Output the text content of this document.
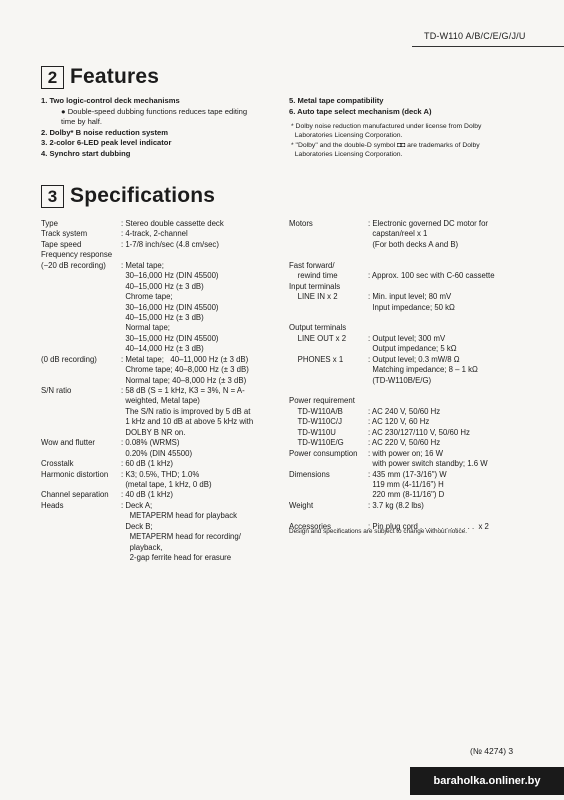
TD-W110 A/B/C/E/G/J/U
2 Features
1. Two logic-control deck mechanisms
● Double-speed dubbing functions reduces tape editing
time by half.
2. Dolby* B noise reduction system
3. 2-color 6-LED peak level indicator
4. Synchro start dubbing
5. Metal tape compatibility
6. Auto tape select mechanism (deck A)
* Dolby noise reduction manufactured under license from Dolby
Laboratories Licensing Corporation.
* "Dolby" and the double-D symbol ◘◘ are trademarks of Dolby
Laboratories Licensing Corporation.
3 Specifications
Type	: Stereo double cassette deck
Track system	: 4-track, 2-channel
Tape speed	: 1-7/8 inch/sec (4.8 cm/sec)
Frequency response
(−20 dB recording) : Metal tape;
30–16,000 Hz (DIN 45500)
40–15,000 Hz (± 3 dB)
Chrome tape;
30–16,000 Hz (DIN 45500)
40–15,000 Hz (± 3 dB)
Normal tape;
30–15,000 Hz (DIN 45500)
40–14,000 Hz (± 3 dB)
(0 dB recording)	: Metal tape;   40–11,000 Hz (± 3 dB)
Chrome tape; 40–8,000 Hz (± 3 dB)
Normal tape; 40–8,000 Hz (± 3 dB)
S/N ratio	: 58 dB (S = 1 kHz, K3 = 3%, N = A-
weighted, Metal tape)
The S/N ratio is improved by 5 dB at
1 kHz and 10 dB at above 5 kHz with
DOLBY B NR on.
Wow and flutter	: 0.08% (WRMS)
0.20% (DIN 45500)
Crosstalk	: 60 dB (1 kHz)
Harmonic distortion : K3; 0.5%, THD; 1.0%
(metal tape, 1 kHz, 0 dB)
Channel separation : 40 dB (1 kHz)
Heads	: Deck A;
METAPERM head for playback
Deck B;
METAPERM head for recording/
playback,
2-gap ferrite head for erasure
Motors	: Electronic governed DC motor for
capstan/reel x 1
(For both decks A and B)
Fast forward/
rewind time	: Approx. 100 sec with C-60 cassette
Input terminals
LINE IN x 2	: Min. input level; 80 mV
Input impedance; 50 kΩ
Output terminals
LINE OUT x 2	: Output level; 300 mV
Output impedance; 5 kΩ
PHONES x 1	: Output level; 0.3 mW/8 Ω
Matching impedance; 8 – 1 kΩ
(TD-W110B/E/G)
Power requirement
TD-W110A/B	: AC 240 V, 50/60 Hz
TD-W110C/J	: AC 120 V, 60 Hz
TD-W110U	: AC 230/127/110 V, 50/60 Hz
TD-W110E/G	: AC 220 V, 50/60 Hz
Power consumption : with power on; 16 W
with power switch standby; 1.6 W
Dimensions	: 435 mm (17-3/16") W
119 mm (4-11/16") H
220 mm (8-11/16") D
Weight	: 3.7 kg (8.2 lbs)
Accessories	: Pin plug cord . . . . . . . . . . . . .  x 2
Design and specifications are subject to change without notice.
(№ 4274) 3
baraholka.onliner.by
